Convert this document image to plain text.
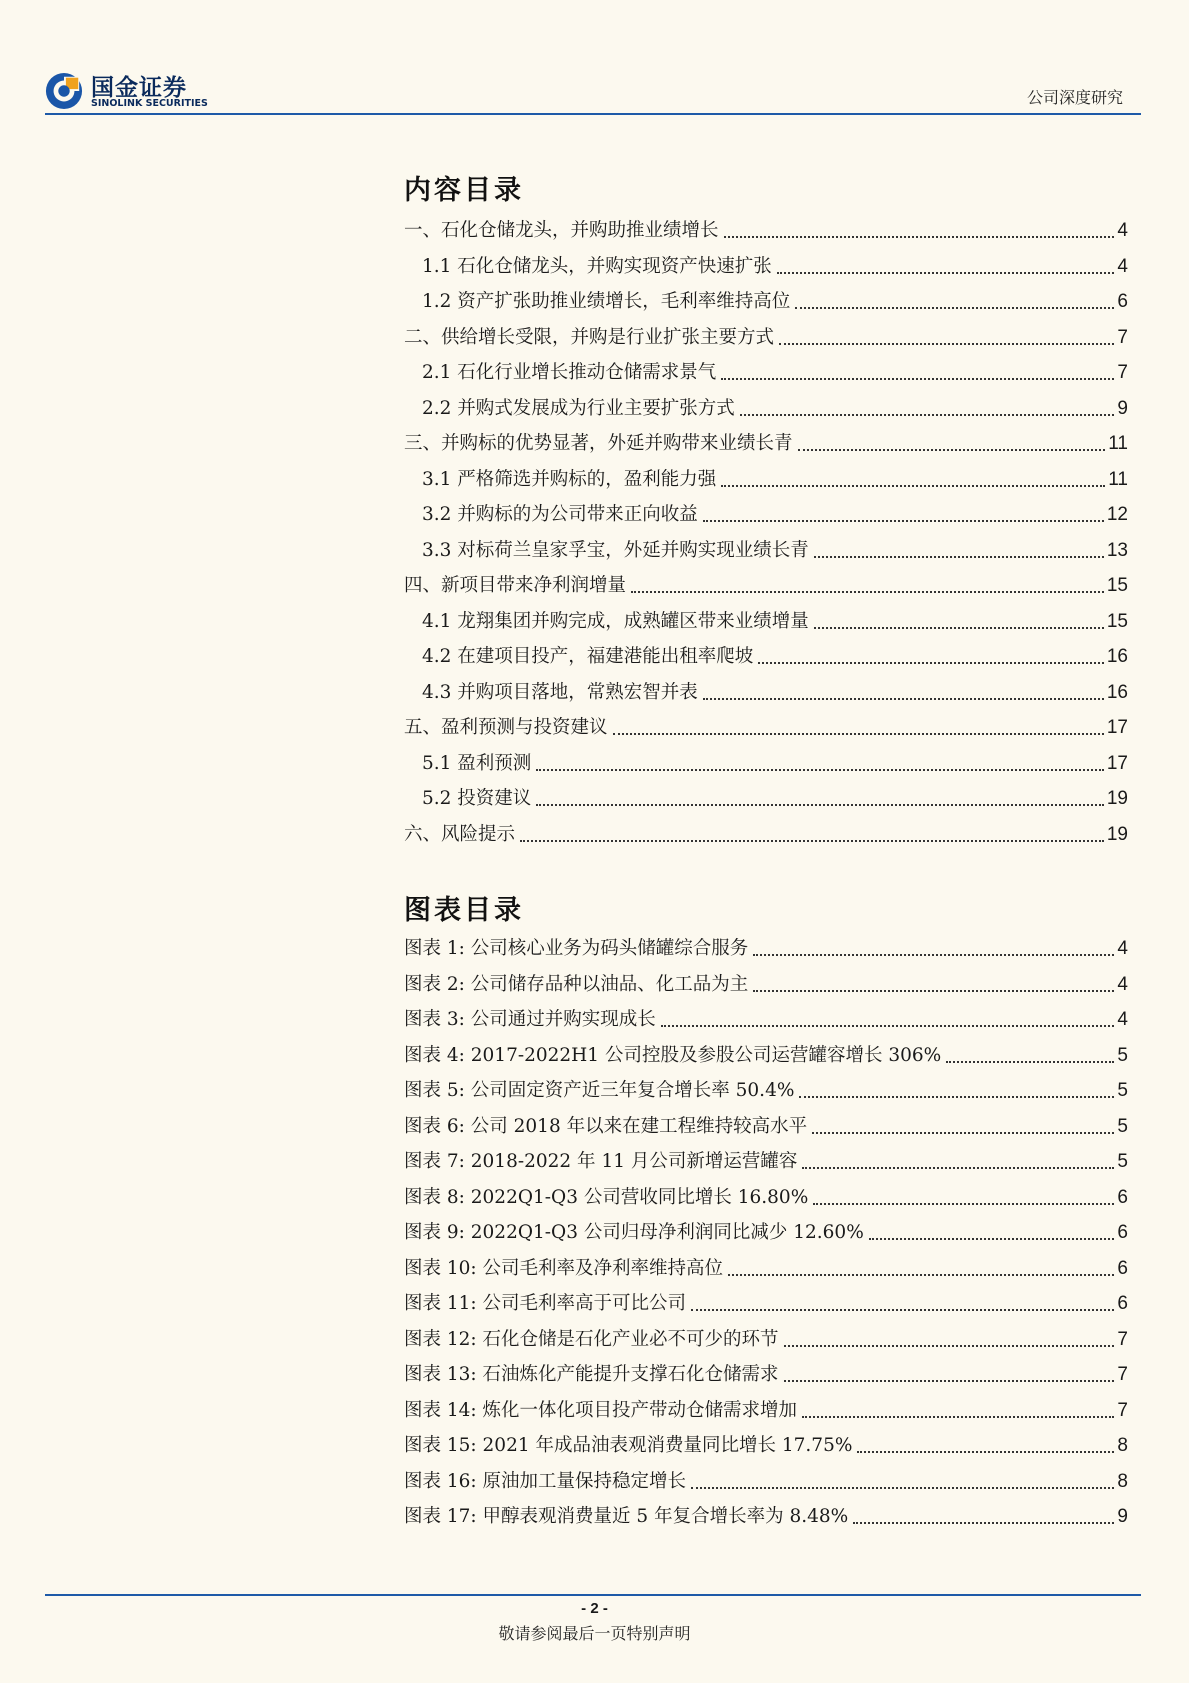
国金证券
SINOLINK SECURITIES	公司深度研究
内容目录
一、石化仓储龙头，并购助推业绩增长	4
1.1 石化仓储龙头，并购实现资产快速扩张	4
1.2 资产扩张助推业绩增长，毛利率维持高位	6
二、供给增长受限，并购是行业扩张主要方式	7
2.1 石化行业增长推动仓储需求景气	7
2.2 并购式发展成为行业主要扩张方式	9
三、并购标的优势显著，外延并购带来业绩长青	11
3.1 严格筛选并购标的，盈利能力强	11
3.2 并购标的为公司带来正向收益	12
3.3 对标荷兰皇家孚宝，外延并购实现业绩长青	13
四、新项目带来净利润增量	15
4.1 龙翔集团并购完成，成熟罐区带来业绩增量	15
4.2 在建项目投产，福建港能出租率爬坡	16
4.3 并购项目落地，常熟宏智并表	16
五、盈利预测与投资建议	17
5.1 盈利预测	17
5.2 投资建议	19
六、风险提示	19
图表目录
图表 1: 公司核心业务为码头储罐综合服务	4
图表 2: 公司储存品种以油品、化工品为主	4
图表 3: 公司通过并购实现成长	4
图表 4: 2017-2022H1 公司控股及参股公司运营罐容增长 306%	5
图表 5: 公司固定资产近三年复合增长率 50.4%	5
图表 6: 公司 2018 年以来在建工程维持较高水平	5
图表 7: 2018-2022 年 11 月公司新增运营罐容	5
图表 8: 2022Q1-Q3 公司营收同比增长 16.80%	6
图表 9: 2022Q1-Q3 公司归母净利润同比减少 12.60%	6
图表 10: 公司毛利率及净利率维持高位	6
图表 11: 公司毛利率高于可比公司	6
图表 12: 石化仓储是石化产业必不可少的环节	7
图表 13: 石油炼化产能提升支撑石化仓储需求	7
图表 14: 炼化一体化项目投产带动仓储需求增加	7
图表 15: 2021 年成品油表观消费量同比增长 17.75%	8
图表 16: 原油加工量保持稳定增长	8
图表 17: 甲醇表观消费量近 5 年复合增长率为 8.48%	9
- 2 -
敬请参阅最后一页特别声明
